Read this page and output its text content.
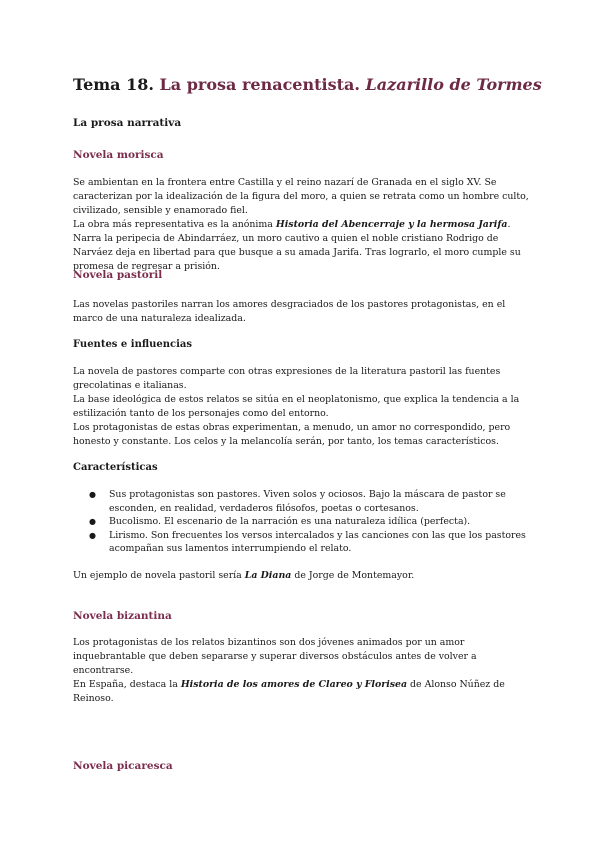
Tema 18. La prosa renacentista. Lazarillo de Tormes
La prosa narrativa
Novela morisca

Se ambientan en la frontera entre Castilla y el reino nazarí de Granada en el siglo XV. Se caracterizan por la idealización de la figura del moro, a quien se retrata como un hombre culto, civilizado, sensible y enamorado fiel.

La obra más representativa es la anónima Historia del Abencerraje y la hermosa Jarifa. Narra la peripecia de Abindarráez, un moro cautivo a quien el noble cristiano Rodrigo de Narváez deja en libertad para que busque a su amada Jarifa. Tras lograrlo, el moro cumple su promesa de regresar a prisión.

Novela pastoril

Las novelas pastoriles narran los amores desgraciados de los pastores protagonistas, en el marco de una naturaleza idealizada.

Fuentes e influencias

La novela de pastores comparte con otras expresiones de la literatura pastoril las fuentes grecolatinas e italianas.

La base ideológica de estos relatos se sitúa en el neoplatonismo, que explica la tendencia a la estilización tanto de los personajes como del entorno.

Los protagonistas de estas obras experimentan, a menudo, un amor no correspondido, pero honesto y constante. Los celos y la melancolía serán, por tanto, los temas característicos.

Características
● Sus protagonistas son pastores. Viven solos y ociosos. Bajo la máscara de pastor se esconden, en realidad, verdaderos filósofos, poetas o cortesanos.
● Bucolismo. El escenario de la narración es una naturaleza idílica (perfecta).
● Lirismo. Son frecuentes los versos intercalados y las canciones con las que los pastores acompañan sus lamentos interrumpiendo el relato.

Un ejemplo de novela pastoril sería La Diana de Jorge de Montemayor.

Novela bizantina

Los protagonistas de los relatos bizantinos son dos jóvenes animados por un amor inquebrantable que deben separarse y superar diversos obstáculos antes de volver a encontrarse.

En España, destaca la Historia de los amores de Clareo y Florisea de Alonso Núñez de Reinoso.

Novela picaresca
